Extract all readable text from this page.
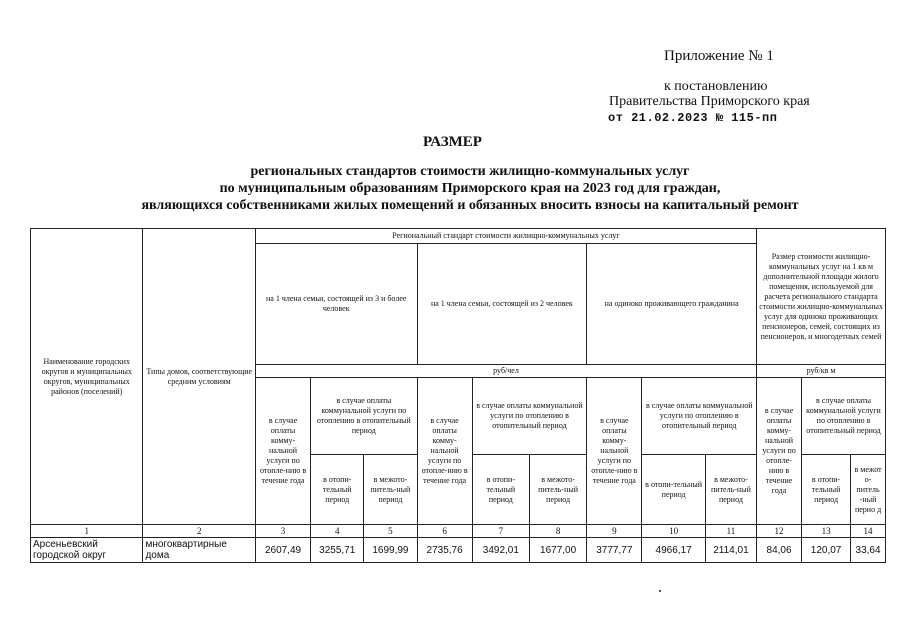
Приложение № 1
к постановлению
Правительства Приморского края
от 21.02.2023 № 115-пп
РАЗМЕР
региональных стандартов стоимости жилищно-коммунальных услуг
по муниципальным образованиям Приморского края на 2023 год для граждан,
являющихся собственниками жилых помещений и обязанных вносить взносы на капитальный ремонт
Наименование городских округов и муниципальных округов, муниципальных районов (поселений)	Типы домов, соответствующие средним условиям	Региональный стандарт стоимости жилищно-коммунальных услуг									Размер стоимости жилищно-коммунальных услуг на 1 кв м дополнительной площади жилого помещения, используемой для расчета регионального стандарта стоимости жилищно-коммунальных услуг для одиноко проживающих пенсионеров, семей, состоящих из пенсионеров, и многодетных семей		
		на 1 члена семьи, состоящей из 3 и более человек			на 1 члена семьи, состоящей из 2 человек			на одиноко проживающего гражданина					
		руб/чел									руб/кв м		
		в случае оплаты комму-нальной услуги по отопле-нию в течение года	в случае оплаты коммунальной услуги по отоплению в отопительный период		в случае оплаты комму-нальной услуги по отопле-нию в течение года	в случае оплаты коммунальной услуги по отоплению в отопительный период		в случае оплаты комму-нальной услуги по отопле-нию в течение года	в случае оплаты коммунальной услуги по отоплению в отопительный период		в случае оплаты комму-нальной услуги по отопле-нию в течение года	в случае оплаты коммунальной услуги по отоплению в отопительный период	
			в отопи-тельный период	в межото-питель-ный период		в отопи-тельный период	в межото-питель-ный период		в отопи-тельный период	в межото-питель-ный период		в отопи-тельный период	в межот о-питель -ный перио д
1	2	3	4	5	6	7	8	9	10	11	12	13	14
Арсеньевский городской округ	многоквартирные дома	2607,49	3255,71	1699,99	2735,76	3492,01	1677,00	3777,77	4966,17	2114,01	84,06	120,07	33,64
